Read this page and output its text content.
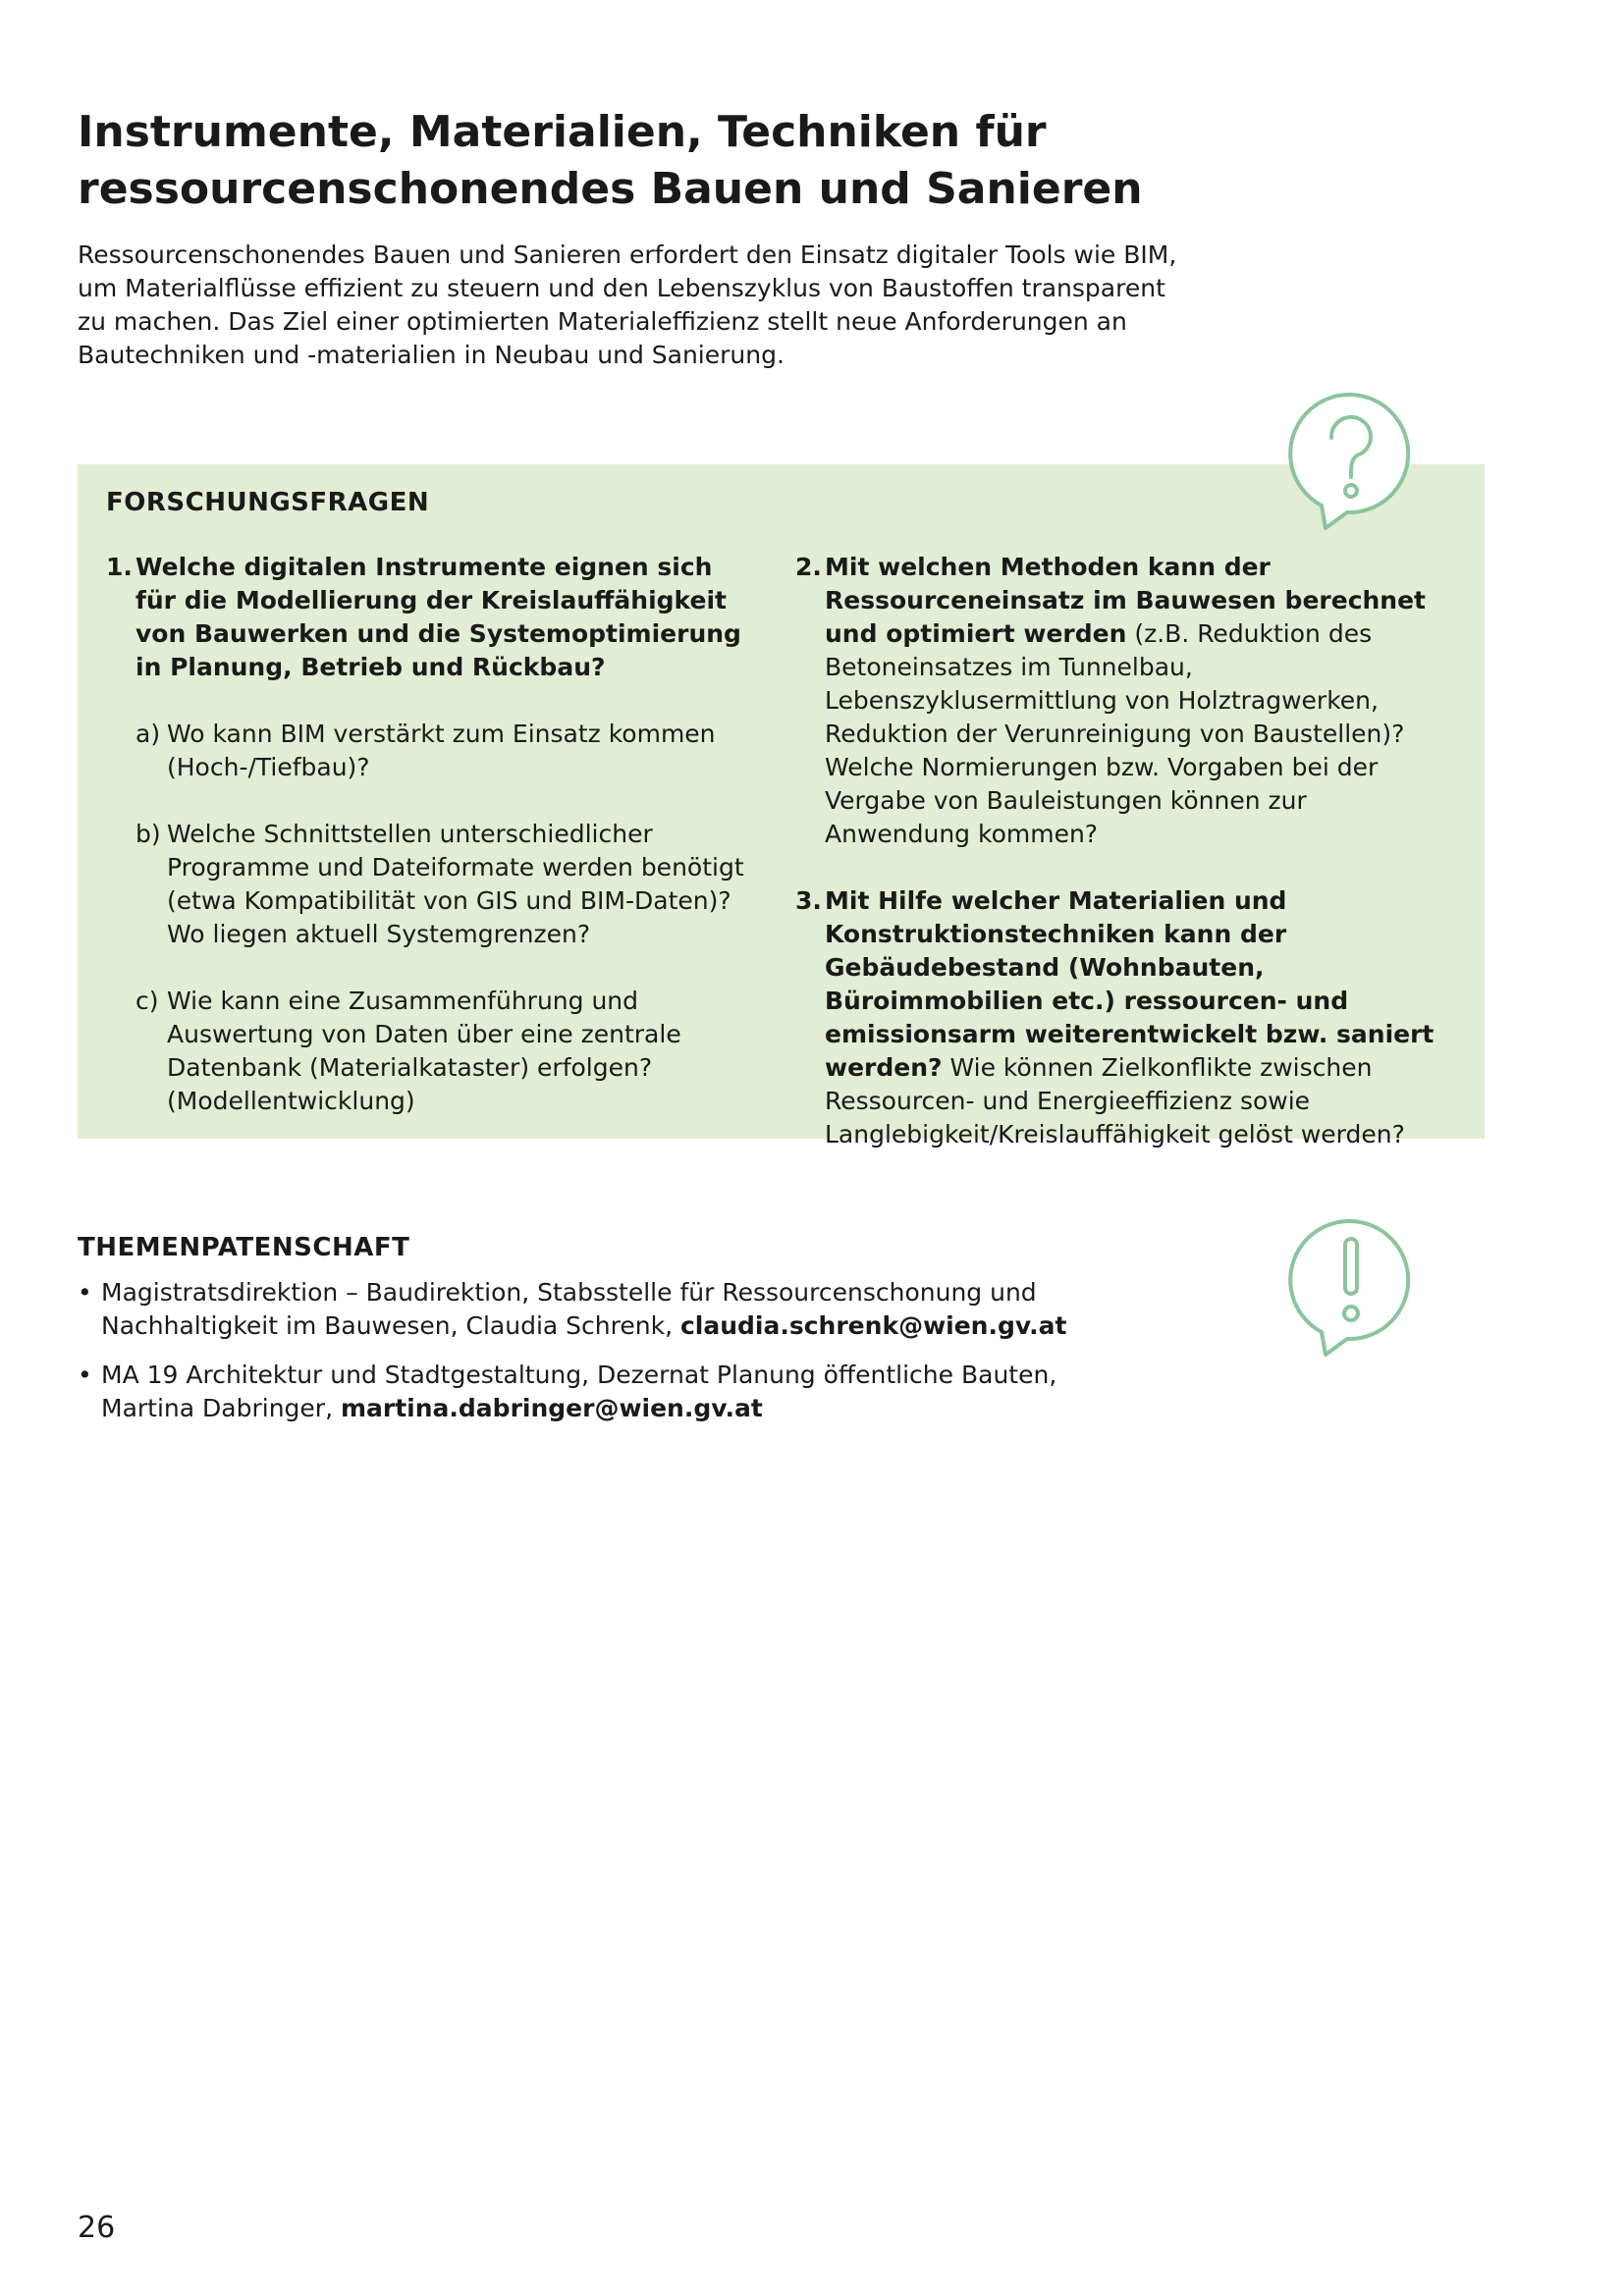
Instrumente, Materialien, Techniken für
ressourcenschonendes Bauen und Sanieren

Ressourcenschonendes Bauen und Sanieren erfordert den Einsatz digitaler Tools wie BIM, um Materialflüsse effizient zu steuern und den Lebenszyklus von Baustoffen transparent zu machen. Das Ziel einer optimierten Materialeffizienz stellt neue Anforderungen an Bautechniken und -materialien in Neubau und Sanierung.

FORSCHUNGSFRAGEN
1. Welche digitalen Instrumente eignen sich für die Modellierung der Kreislauffähigkeit von Bauwerken und die Systemoptimierung in Planung, Betrieb und Rückbau?
a) Wo kann BIM verstärkt zum Einsatz kommen (Hoch-/Tiefbau)?
b) Welche Schnittstellen unterschiedlicher Programme und Dateiformate werden benötigt (etwa Kompatibilität von GIS und BIM-Daten)? Wo liegen aktuell Systemgrenzen?
c) Wie kann eine Zusammenführung und Auswertung von Daten über eine zentrale Datenbank (Materialkataster) erfolgen? (Modellentwicklung)
2. Mit welchen Methoden kann der Ressourceneinsatz im Bauwesen berechnet und optimiert werden (z.B. Reduktion des Betoneinsatzes im Tunnelbau, Lebenszyklusermittlung von Holztragwerken, Reduktion der Verunreinigung von Baustellen)? Welche Normierungen bzw. Vorgaben bei der Vergabe von Bauleistungen können zur Anwendung kommen?
3. Mit Hilfe welcher Materialien und Konstruktionstechniken kann der Gebäudebestand (Wohnbauten, Büroimmobilien etc.) ressourcen- und emissionsarm weiterentwickelt bzw. saniert werden? Wie können Zielkonflikte zwischen Ressourcen- und Energieeffizienz sowie Langlebigkeit/Kreislauffähigkeit gelöst werden?
THEMENPATENSCHAFT
• Magistratsdirektion – Baudirektion, Stabsstelle für Ressourcenschonung und Nachhaltigkeit im Bauwesen, Claudia Schrenk, claudia.schrenk@wien.gv.at
• MA 19 Architektur und Stadtgestaltung, Dezernat Planung öffentliche Bauten, Martina Dabringer, martina.dabringer@wien.gv.at

26
